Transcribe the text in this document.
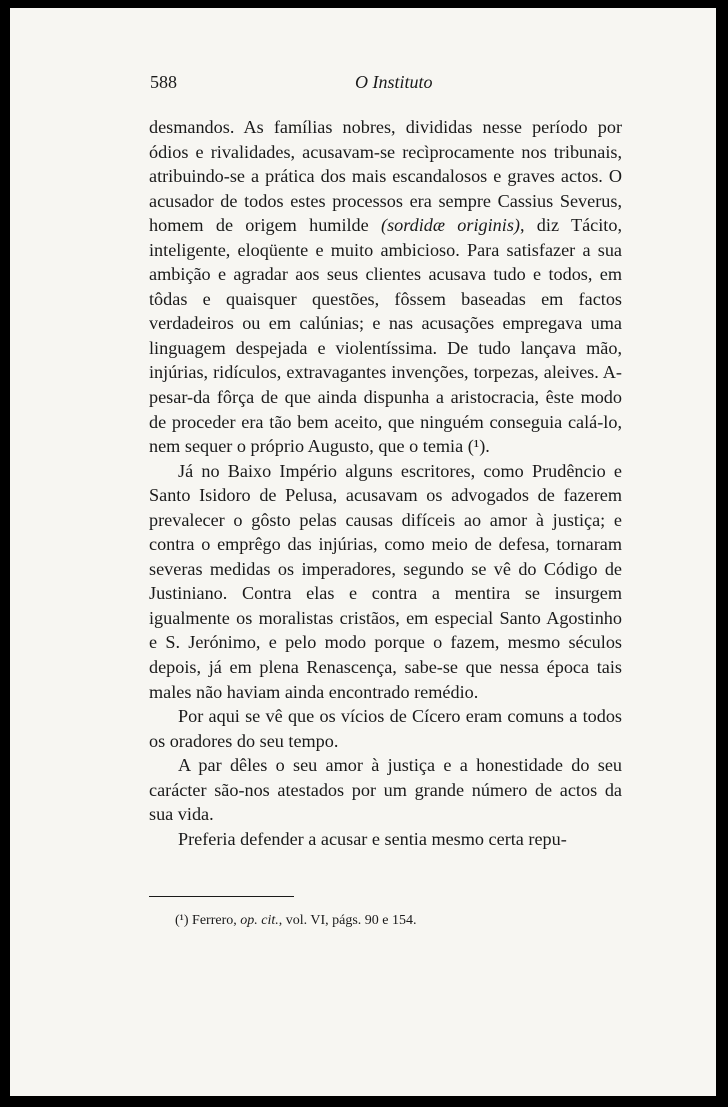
588	O Instituto

desmandos. As famílias nobres, divididas nesse período por ódios e rivalidades, acusavam-se recìprocamente nos tribunais, atribuindo-se a prática dos mais escandalosos e graves actos. O acusador de todos estes processos era sempre Cassius Severus, homem de origem humilde (sordidæ originis), diz Tácito, inteligente, eloqüente e muito ambicioso. Para satisfazer a sua ambição e agradar aos seus clientes acusava tudo e todos, em tôdas e quaisquer questões, fôssem baseadas em factos verdadeiros ou em calúnias; e nas acusações empregava uma linguagem despejada e violentíssima. De tudo lançava mão, injúrias, ridículos, extravagantes invenções, torpezas, aleives. A-pesar-da fôrça de que ainda dispunha a aristocracia, êste modo de proceder era tão bem aceito, que ninguém conseguia calá-lo, nem sequer o próprio Augusto, que o temia (¹).

Já no Baixo Império alguns escritores, como Prudêncio e Santo Isidoro de Pelusa, acusavam os advogados de fazerem prevalecer o gôsto pelas causas difíceis ao amor à justiça; e contra o emprêgo das injúrias, como meio de defesa, tornaram severas medidas os imperadores, segundo se vê do Código de Justiniano. Contra elas e contra a mentira se insurgem igualmente os moralistas cristãos, em especial Santo Agostinho e S. Jerónimo, e pelo modo porque o fazem, mesmo séculos depois, já em plena Renascença, sabe-se que nessa época tais males não haviam ainda encontrado remédio.

Por aqui se vê que os vícios de Cícero eram comuns a todos os oradores do seu tempo.

A par dêles o seu amor à justiça e a honestidade do seu carácter são-nos atestados por um grande número de actos da sua vida.

Preferia defender a acusar e sentia mesmo certa repu-

(¹) Ferrero, op. cit., vol. VI, págs. 90 e 154.
